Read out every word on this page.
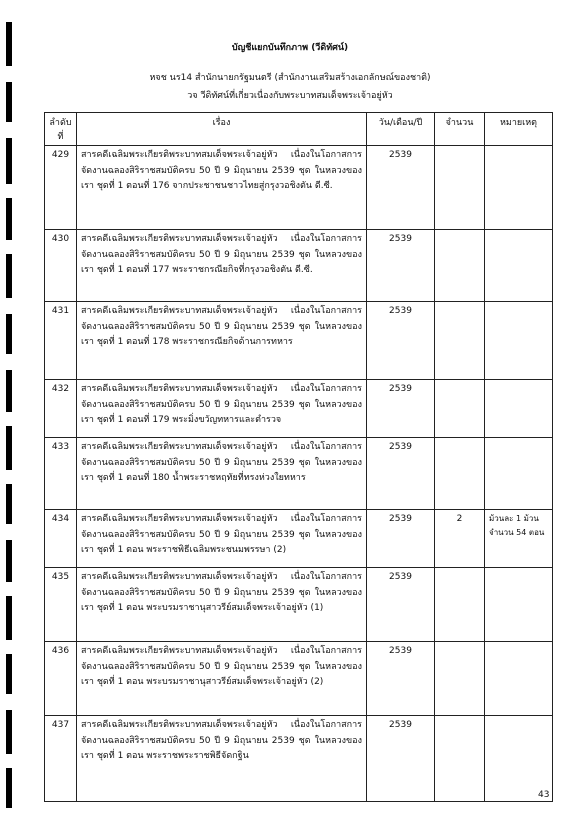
บัญชีแยกบันทึกภาพ (วีดิทัศน์)
หจช นร14 สำนักนายกรัฐมนตรี (สำนักงานเสริมสร้างเอกลักษณ์ของชาติ)
วจ วีดิทัศน์ที่เกี่ยวเนื่องกับพระบาทสมเด็จพระเจ้าอยู่หัว
ลำดับที่	เรื่อง	วัน/เดือน/ปี	จำนวน	หมายเหตุ
429	สารคดีเฉลิมพระเกียรติพระบาทสมเด็จพระเจ้าอยู่หัว เนื่องในโอกาสการจัดงานฉลองสิริราชสมบัติครบ 50 ปี 9 มิถุนายน 2539 ชุด ในหลวงของเรา ชุดที่ 1 ตอนที่ 176 จากประชาชนชาวไทยสู่กรุงวอชิงตัน ดี.ซี.	2539		
430	สารคดีเฉลิมพระเกียรติพระบาทสมเด็จพระเจ้าอยู่หัว เนื่องในโอกาสการจัดงานฉลองสิริราชสมบัติครบ 50 ปี 9 มิถุนายน 2539 ชุด ในหลวงของเรา ชุดที่ 1 ตอนที่ 177 พระราชกรณียกิจที่กรุงวอชิงตัน ดี.ซี.	2539		
431	สารคดีเฉลิมพระเกียรติพระบาทสมเด็จพระเจ้าอยู่หัว เนื่องในโอกาสการจัดงานฉลองสิริราชสมบัติครบ 50 ปี 9 มิถุนายน 2539 ชุด ในหลวงของเรา ชุดที่ 1 ตอนที่ 178 พระราชกรณียกิจด้านการทหาร	2539		
432	สารคดีเฉลิมพระเกียรติพระบาทสมเด็จพระเจ้าอยู่หัว เนื่องในโอกาสการจัดงานฉลองสิริราชสมบัติครบ 50 ปี 9 มิถุนายน 2539 ชุด ในหลวงของเรา ชุดที่ 1 ตอนที่ 179 พระมิ่งขวัญทหารและตำรวจ	2539		
433	สารคดีเฉลิมพระเกียรติพระบาทสมเด็จพระเจ้าอยู่หัว เนื่องในโอกาสการจัดงานฉลองสิริราชสมบัติครบ 50 ปี 9 มิถุนายน 2539 ชุด ในหลวงของเรา ชุดที่ 1 ตอนที่ 180 น้ำพระราชหฤทัยที่ทรงห่วงใยทหาร	2539		
434	สารคดีเฉลิมพระเกียรติพระบาทสมเด็จพระเจ้าอยู่หัว เนื่องในโอกาสการจัดงานฉลองสิริราชสมบัติครบ 50 ปี 9 มิถุนายน 2539 ชุด ในหลวงของเรา ชุดที่ 1 ตอน พระราชพิธีเฉลิมพระชนมพรรษา (2)	2539	2	ม้วนละ 1 ม้วน จำนวน 54 ตอน
435	สารคดีเฉลิมพระเกียรติพระบาทสมเด็จพระเจ้าอยู่หัว เนื่องในโอกาสการจัดงานฉลองสิริราชสมบัติครบ 50 ปี 9 มิถุนายน 2539 ชุด ในหลวงของเรา ชุดที่ 1 ตอน พระบรมราชานุสาวรีย์สมเด็จพระเจ้าอยู่หัว (1)	2539		
436	สารคดีเฉลิมพระเกียรติพระบาทสมเด็จพระเจ้าอยู่หัว เนื่องในโอกาสการจัดงานฉลองสิริราชสมบัติครบ 50 ปี 9 มิถุนายน 2539 ชุด ในหลวงของเรา ชุดที่ 1 ตอน พระบรมราชานุสาวรีย์สมเด็จพระเจ้าอยู่หัว (2)	2539		
437	สารคดีเฉลิมพระเกียรติพระบาทสมเด็จพระเจ้าอยู่หัว เนื่องในโอกาสการจัดงานฉลองสิริราชสมบัติครบ 50 ปี 9 มิถุนายน 2539 ชุด ในหลวงของเรา ชุดที่ 1 ตอน พระราชพระราชพิธีจัดกฐิน	2539		
43
